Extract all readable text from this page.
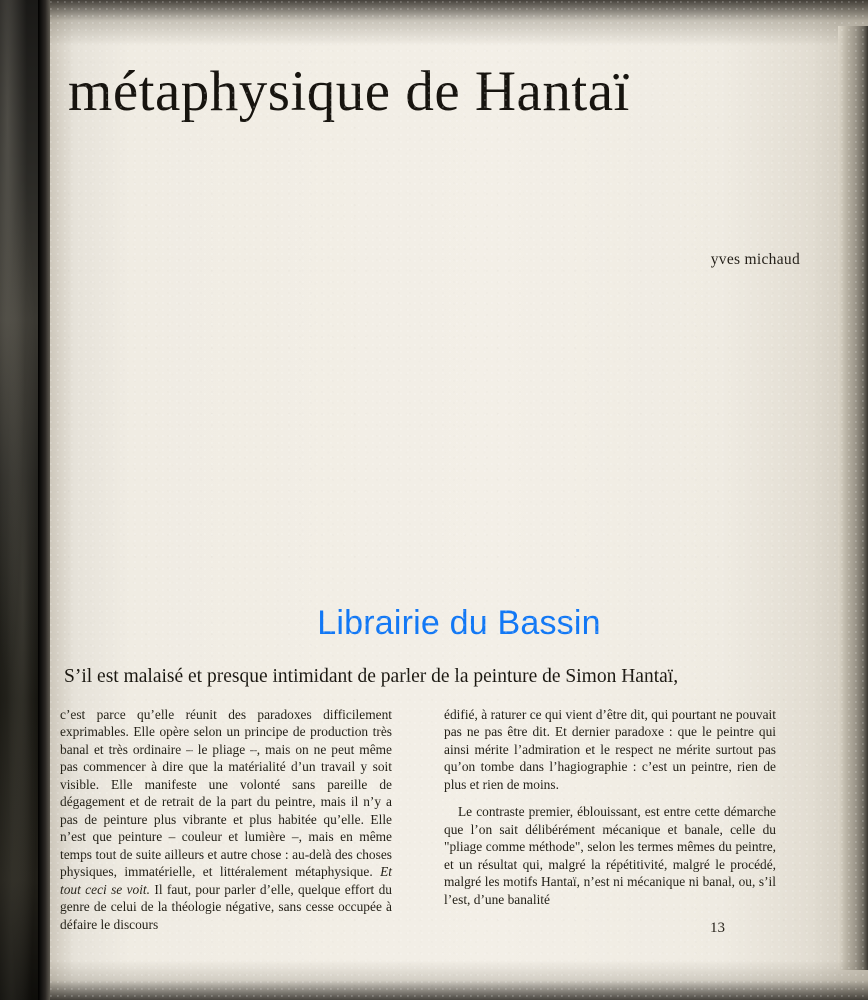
métaphysique de Hantaï
yves michaud
Librairie du Bassin
S’il est malaisé et presque intimidant de parler de la peinture de Simon Hantaï,

c’est parce qu’elle réunit des paradoxes difficilement exprimables. Elle opère selon un principe de production très banal et très ordinaire – le pliage –, mais on ne peut même pas commencer à dire que la matérialité d’un travail y soit visible. Elle manifeste une volonté sans pareille de dégagement et de retrait de la part du peintre, mais il n’y a pas de peinture plus vibrante et plus habitée qu’elle. Elle n’est que peinture – couleur et lumière –, mais en même temps tout de suite ailleurs et autre chose : au-delà des choses physiques, immatérielle, et littéralement métaphysique. Et tout ceci se voit. Il faut, pour parler d’elle, quelque effort du genre de celui de la théologie négative, sans cesse occupée à défaire le discours

édifié, à raturer ce qui vient d’être dit, qui pourtant ne pouvait pas ne pas être dit. Et dernier paradoxe : que le peintre qui ainsi mérite l’admiration et le respect ne mérite surtout pas qu’on tombe dans l’hagiographie : c’est un peintre, rien de plus et rien de moins.

Le contraste premier, éblouissant, est entre cette démarche que l’on sait délibérément mécanique et banale, celle du "pliage comme méthode", selon les termes mêmes du peintre, et un résultat qui, malgré la répétitivité, malgré le procédé, malgré les motifs Hantaï, n’est ni mécanique ni banal, ou, s’il l’est, d’une banalité

13
